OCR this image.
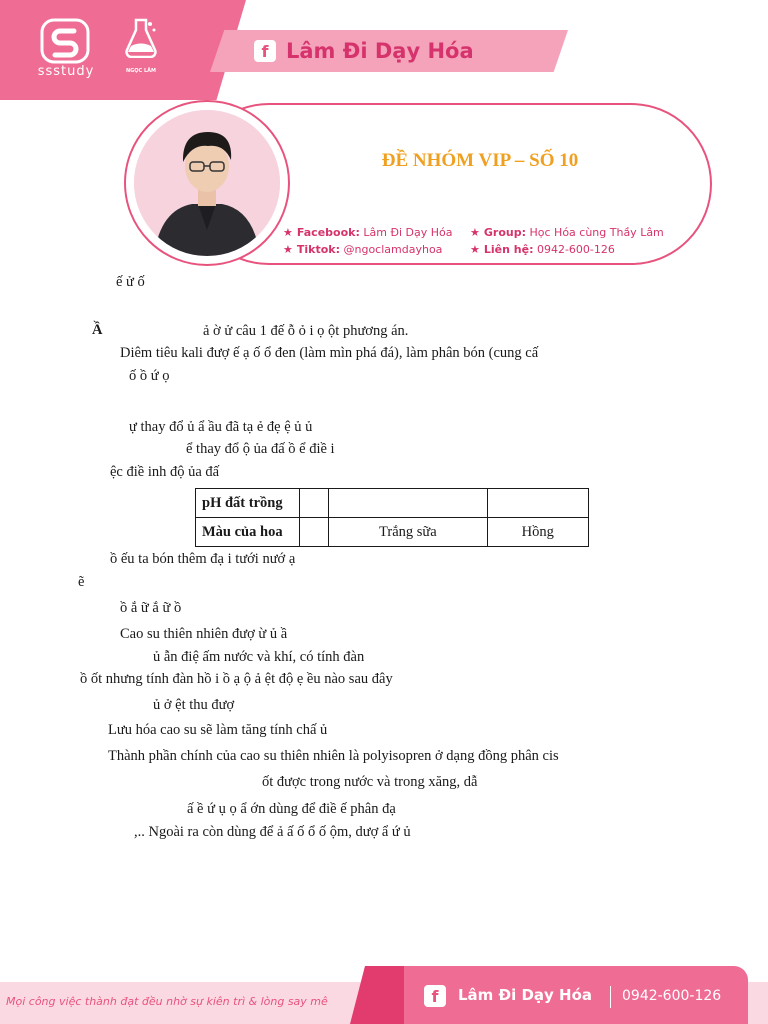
ssstudy	NGỌC LÂM
f Lâm Đi Dạy Hóa
ĐỀ NHÓM VIP – SỐ 10
★ Facebook: Lâm Đi Dạy Hóa ★ Group: Học Hóa cùng Thầy Lâm
★ Tiktok: @ngoclamdayhoa	★ Liên hệ: 0942-600-126
ế ử ố
Ầ	ả ờ ử câu 1 đế ỗ ỏ i ọ ột phương án.
Diêm tiêu kali đượ ế ạ ố ổ đen (làm mìn phá đá), làm phân bón (cung cấ
ố ồ ứ ọ
ự thay đổ ủ ẩ ầu đã tạ ẻ đẹ ệ ủ ủ
ể thay đổ ộ ủa đấ ồ ể điề i
ệc điề inh độ ủa đấ
pH đất trồng			
Màu của hoa		Trắng sữa	Hồng
ồ ếu ta bón thêm đạ i tưới nướ ạ
ẽ
ồ ắ ữ ắ ữ ồ
Cao su thiên nhiên đượ ừ ủ ầ
ủ ẫn điệ ấm nước và khí, có tính đàn
ồ ốt nhưng tính đàn hồ i ồ ạ ộ ả ệt độ ẹ ều nào sau đây
ủ ở ệt thu đượ
Lưu hóa cao su sẽ làm tăng tính chấ ủ
Thành phần chính của cao su thiên nhiên là polyisopren ở dạng đồng phân cis
ốt được trong nước và trong xăng, dẫ
ấ ề ứ ụ ọ ẩ ớn dùng để điề ế phân đạ
,.. Ngoài ra còn dùng để ả ấ ố ổ ố ộm, dượ ẩ ứ ủ
Mọi công việc thành đạt đều nhờ sự kiên trì & lòng say mê	f	Lâm Đi Dạy Hóa 0942-600-126
